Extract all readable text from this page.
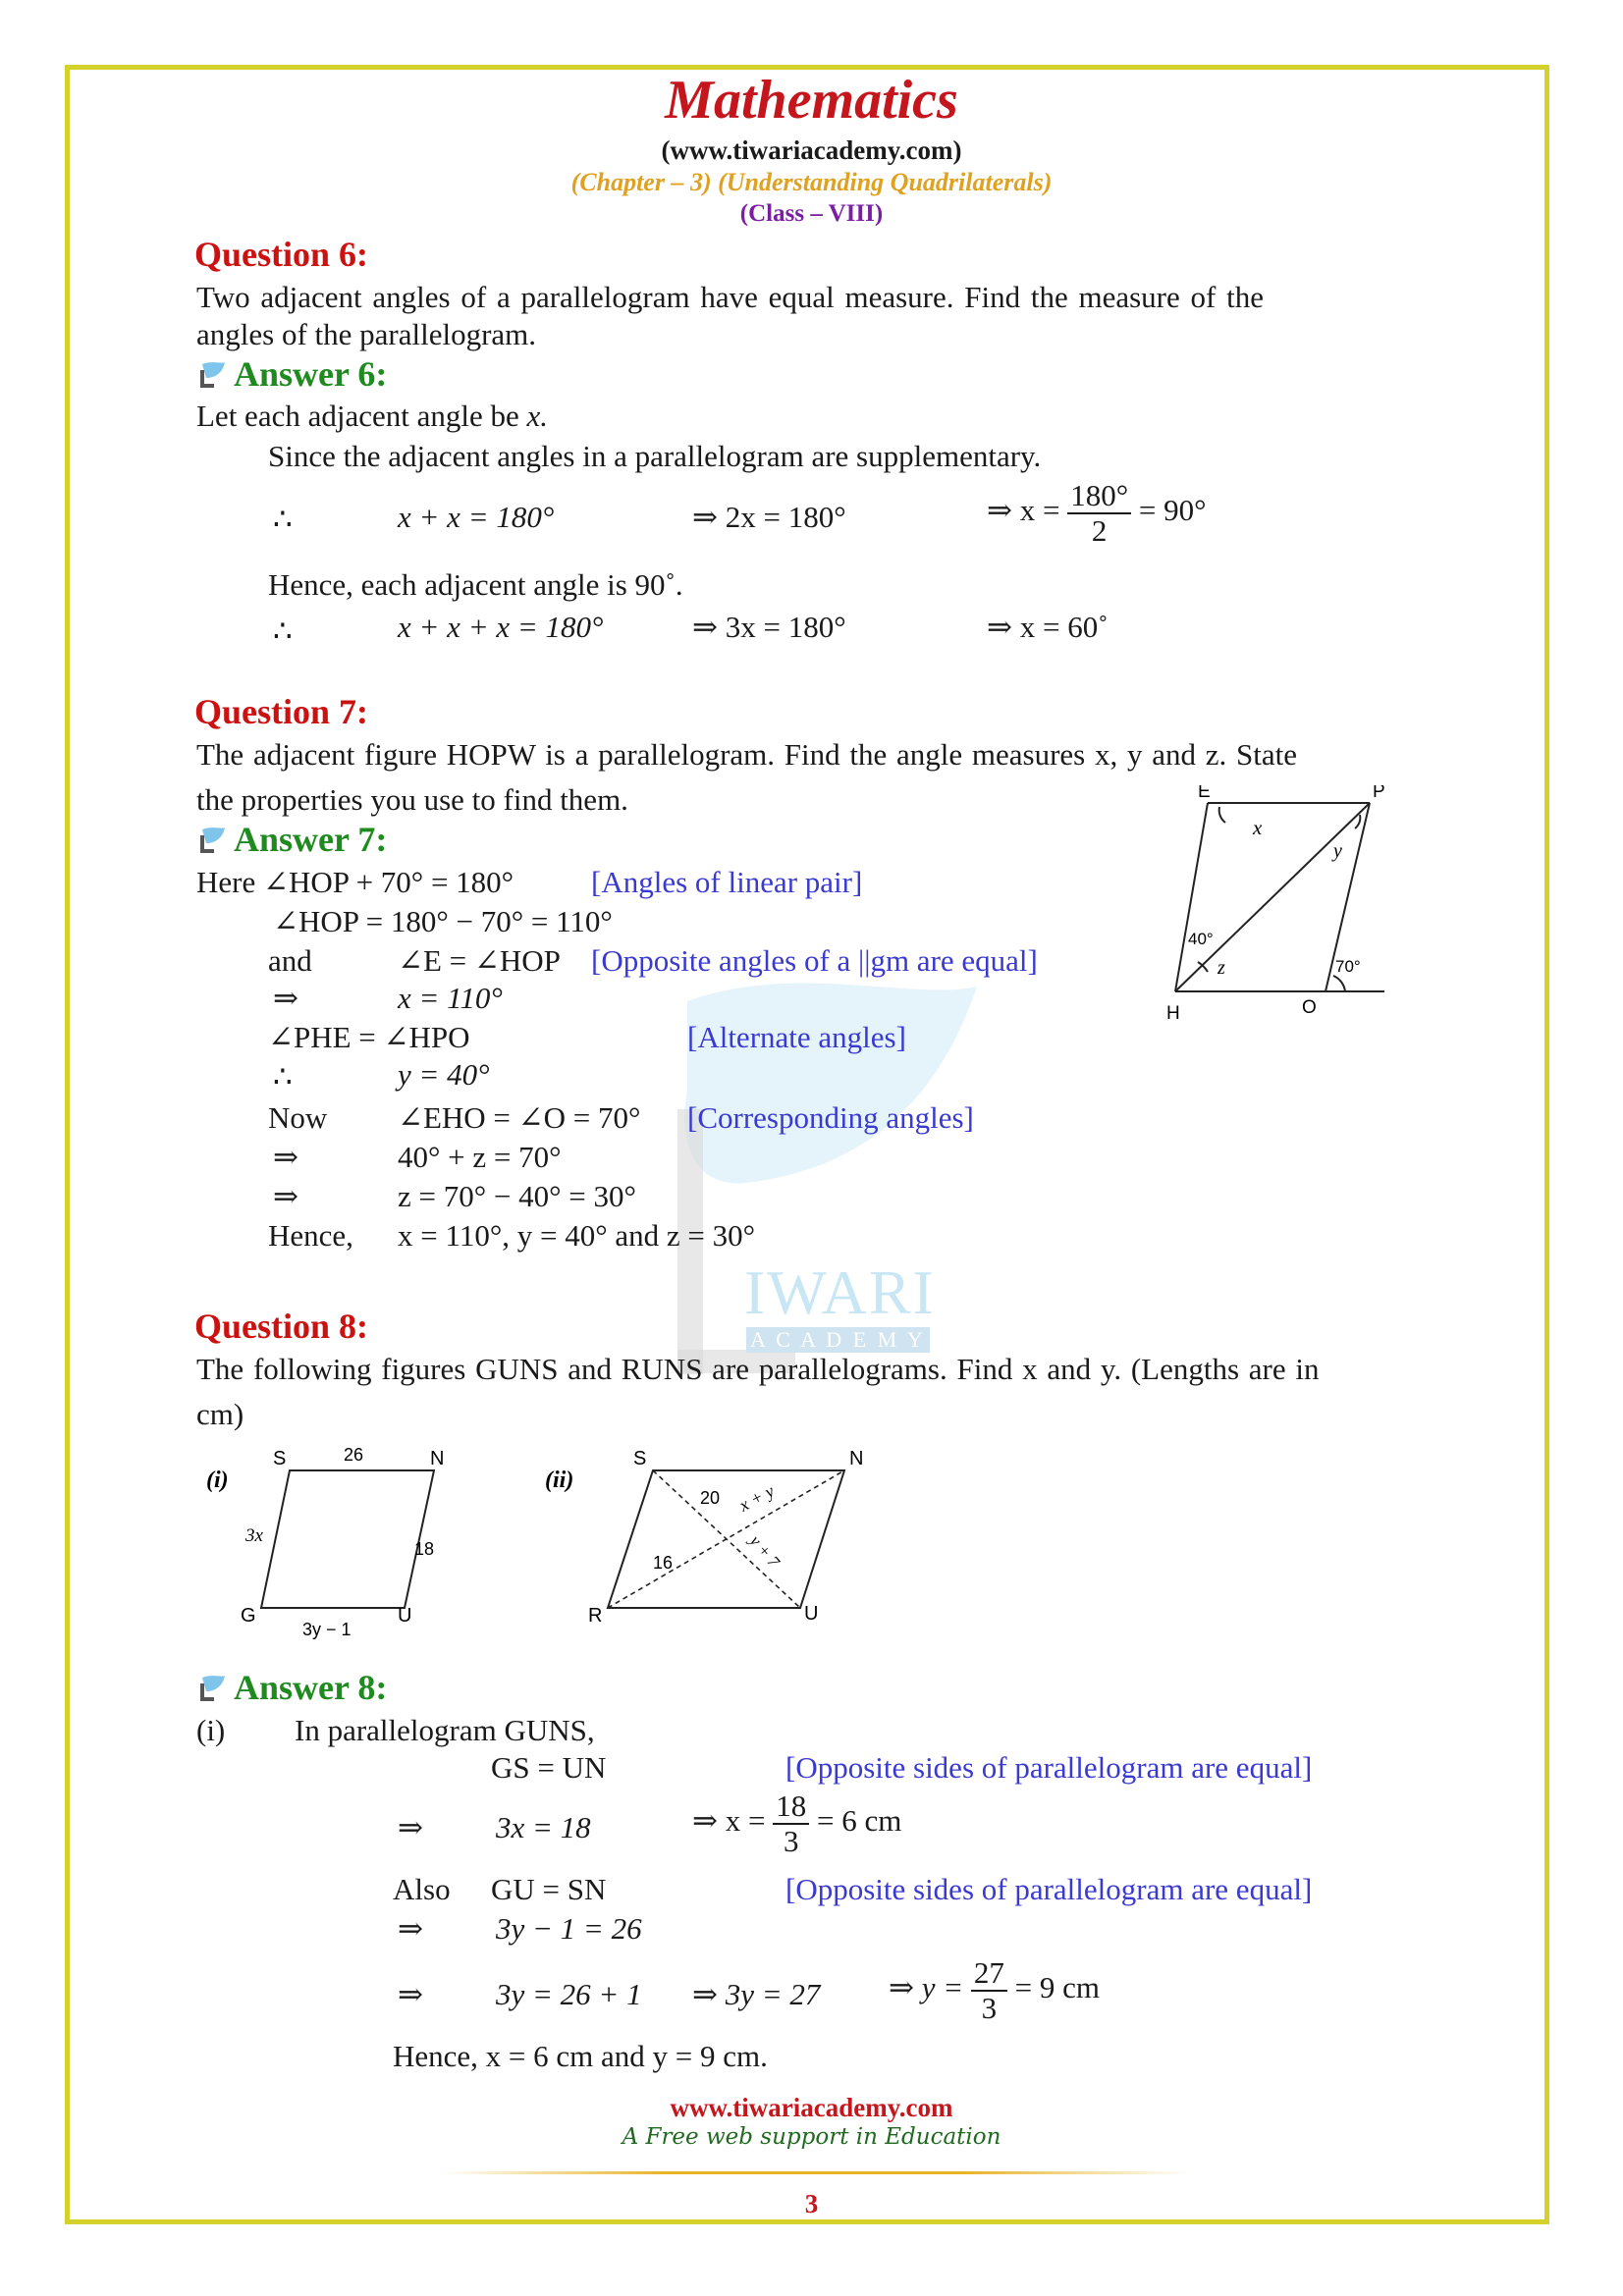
IWARI
A C A D E M Y
Mathematics
(www.tiwariacademy.com)
(Chapter – 3) (Understanding Quadrilaterals)
(Class – VIII)
Question 6:
Two adjacent angles of a parallelogram have equal measure. Find the measure of the
angles of the parallelogram.
Answer 6:
Let each adjacent angle be x.
Since the adjacent angles in a parallelogram are supplementary.
∴	x + x = 180°	⇒ 2x = 180°	⇒ $x = \frac{180^\circ}{2} = 90^\circ$
Hence, each adjacent angle is 90˚.
∴	x + x + x = 180°	⇒ 3x = 180°	⇒ x = 60˚
Question 7:
The adjacent figure HOPW is a parallelogram. Find the angle measures x, y and z. State
the properties you use to find them.
Answer 7:
Here ∠HOP + 70° = 180°	[Angles of linear pair]
∠HOP = 180° − 70° = 110°
and	∠E = ∠HOP [Opposite angles of a ||gm are equal]
⇒	x = 110°
∠PHE = ∠HPO	[Alternate angles]
∴	y = 40°
Now ∠EHO = ∠O = 70° [Corresponding angles]
⇒	40° + z = 70°
⇒	z = 70° − 40° = 30°
Hence, x = 110°, y = 40° and z = 30°
E	P
H	O
x
y
z
40°
70°
Question 8:
The following figures GUNS and RUNS are parallelograms. Find x and y. (Lengths are in
cm)
(i)
S	N
G	U
26
3x
18
3y − 1
(ii)
S	N
R	U
20 x + y
16	y + 7
Answer 8:
(i) In parallelogram GUNS,
GS = UN	[Opposite sides of parallelogram are equal]
⇒ 3x = 18	⇒ $x = \frac{18}{3} = 6$ cm
Also GU = SN	[Opposite sides of parallelogram are equal]
⇒ 3y − 1 = 26
⇒ 3y = 26 + 1 ⇒ 3y = 27 ⇒ $y = \frac{27}{3} = 9$ cm
Hence, x = 6 cm and y = 9 cm.
www.tiwariacademy.com
A Free web support in Education
3
